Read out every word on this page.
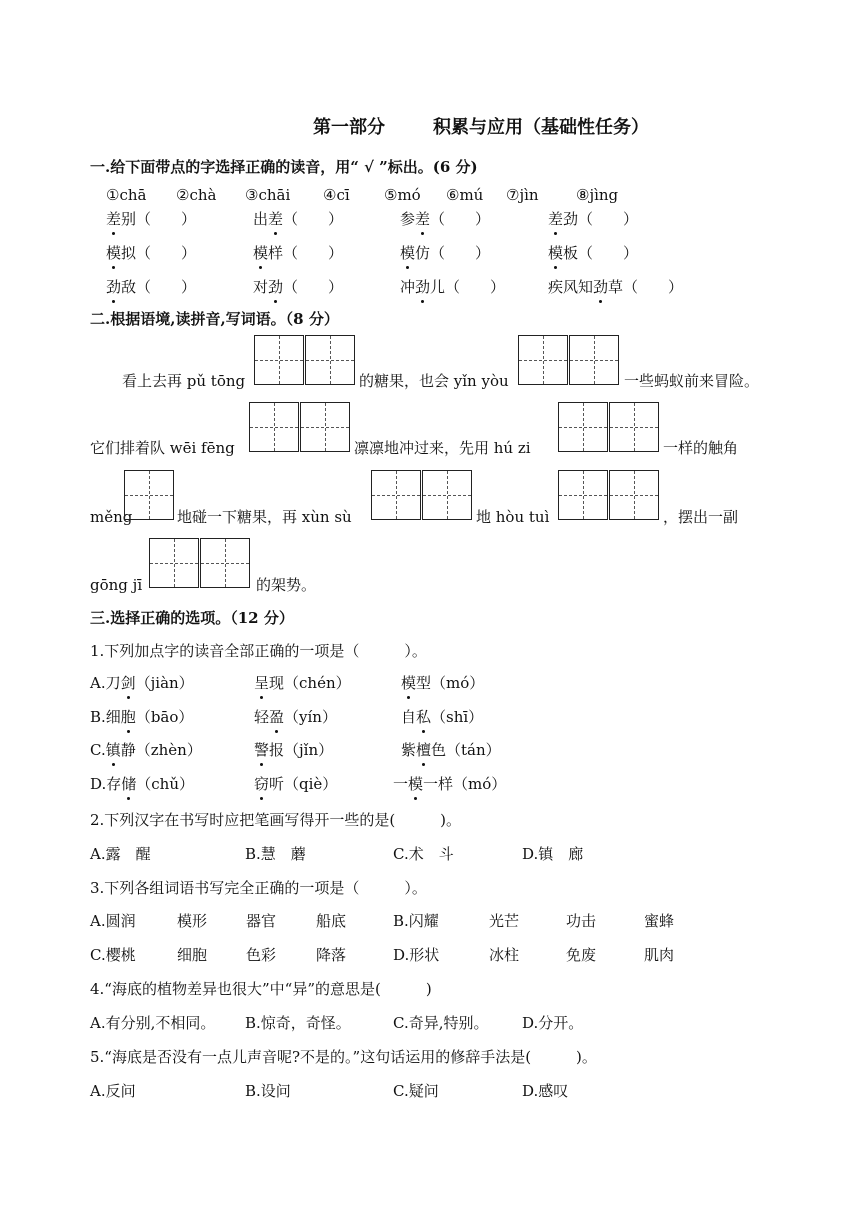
第一部分	积累与应用（基础性任务）
一.给下面带点的字选择正确的读音，用“ √ ”标出。(6 分)
①chā ②chà ③chāi ④cī ⑤mó ⑥mú ⑦jìn ⑧jìng
差别（　　）	出差（　　）	参差（　　）	差劲（　　）
模拟（　　）	模样（　　）	模仿（　　）	模板（　　）
劲敌（　　）	对劲（　　）	冲劲儿（　　）	疾风知劲草（　　）
二.根据语境,读拼音,写词语。（8 分）
看上去再 pǔ tōng	的糖果，也会 yǐn yòu	一些蚂蚁前来冒险。
它们排着队 wēi fēng	凛凛地冲过来，先用 hú zi	一样的触角
měng	地碰一下糖果，再 xùn sù	地 hòu tuì	，摆出一副
gōng jī	的架势。
三.选择正确的选项。（12 分）
1.下列加点字的读音全部正确的一项是（　　　）。
A.刀剑（jiàn）	呈现（chén）	模型（mó）
B.细胞（bāo）	轻盈（yín）	自私（shī）
C.镇静（zhèn）	警报（jǐn）	紫檀色（tán）
D.存储（chǔ）	窃听（qiè）	一模一样（mó）
2.下列汉字在书写时应把笔画写得开一些的是(　　　)。
A.露　醒	B.慧　蘑	C.术　斗	D.镇　廊
3.下列各组词语书写完全正确的一项是（　　　）。
A.圆润	模形	器官	船底	B.闪耀	光芒	功击	蜜蜂
C.樱桃	细胞	色彩	降落	D.形状	冰柱	免废	肌肉
4.“海底的植物差异也很大”中“异”的意思是(　　　)
A.有分别,不相同。 B.惊奇，奇怪。	C.奇异,特别。 D.分开。
5.“海底是否没有一点儿声音呢?不是的。”这句话运用的修辞手法是(　　　)。
A.反问	B.设问	C.疑问	D.感叹
